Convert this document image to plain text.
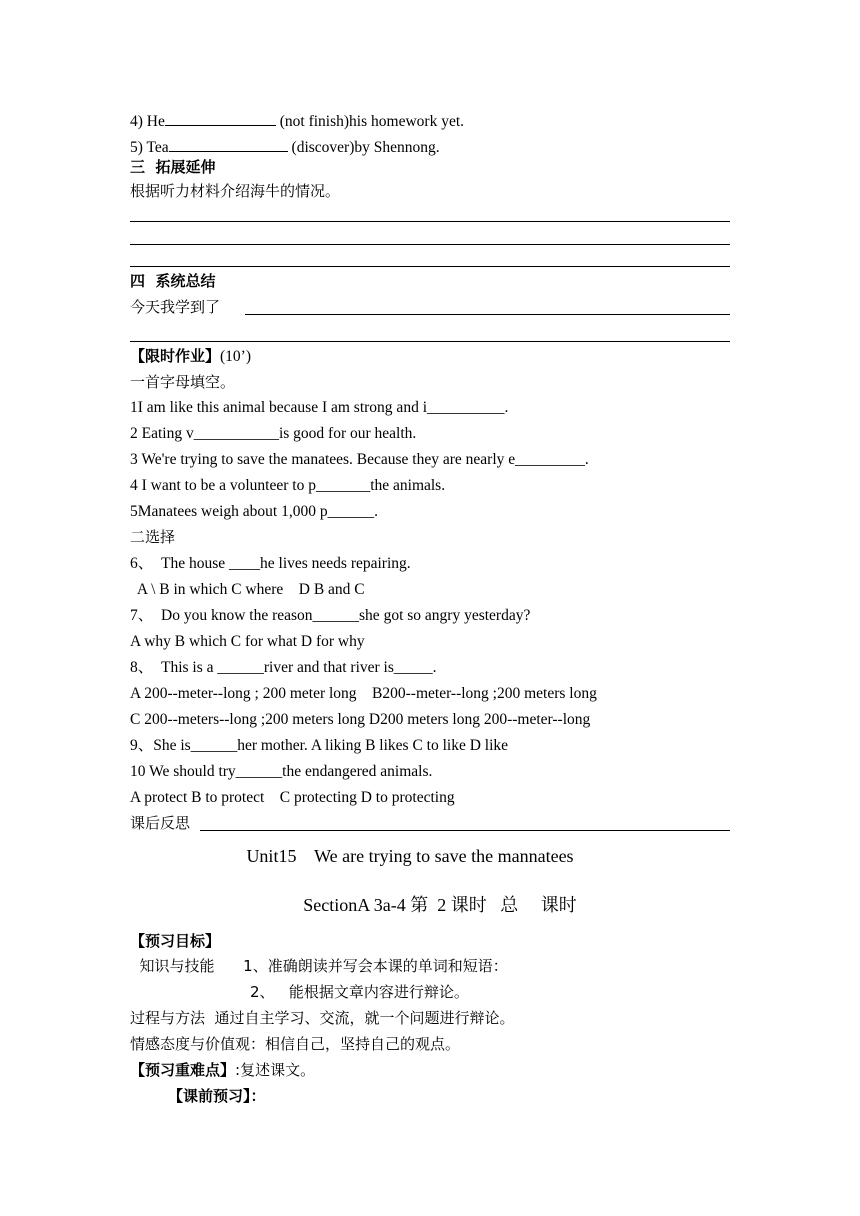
4) He	(not finish)his homework yet.
5) Tea	(discover)by Shennong.
三  拓展延伸
根据听力材料介绍海牛的情况。
四  系统总结
今天我学到了
【限时作业】(10’)
一首字母填空。
1I am like this animal because I am strong and i__________.
2 Eating v___________is good for our health.
3 We're trying to save the manatees. Because they are nearly e_________.
4 I want to be a volunteer to p_______the animals.
5Manatees weigh about 1,000 p______.
二选择
6、  The house ____he lives needs repairing.
A \ B in which C where    D B and C
7、  Do you know the reason______she got so angry yesterday?
A why B which C for what D for why
8、  This is a ______river and that river is_____.
A 200--meter--long ; 200 meter long    B200--meter--long ;200 meters long
C 200--meters--long ;200 meters long D200 meters long 200--meter--long
9、She is______her mother. A liking B likes C to like D like
10 We should try______the endangered animals.
A protect B to protect    C protecting D to protecting
课后反思
Unit15    We are trying to save the mannatees
SectionA 3a-4 第  2 课时   总     课时
【预习目标】
知识与技能      1、准确朗读并写会本课的单词和短语：
2、   能根据文章内容进行辩论。
过程与方法  通过自主学习、交流，就一个问题进行辩论。
情感态度与价值观：相信自己，坚持自己的观点。
【预习重难点】:复述课文。
【课前预习】：
